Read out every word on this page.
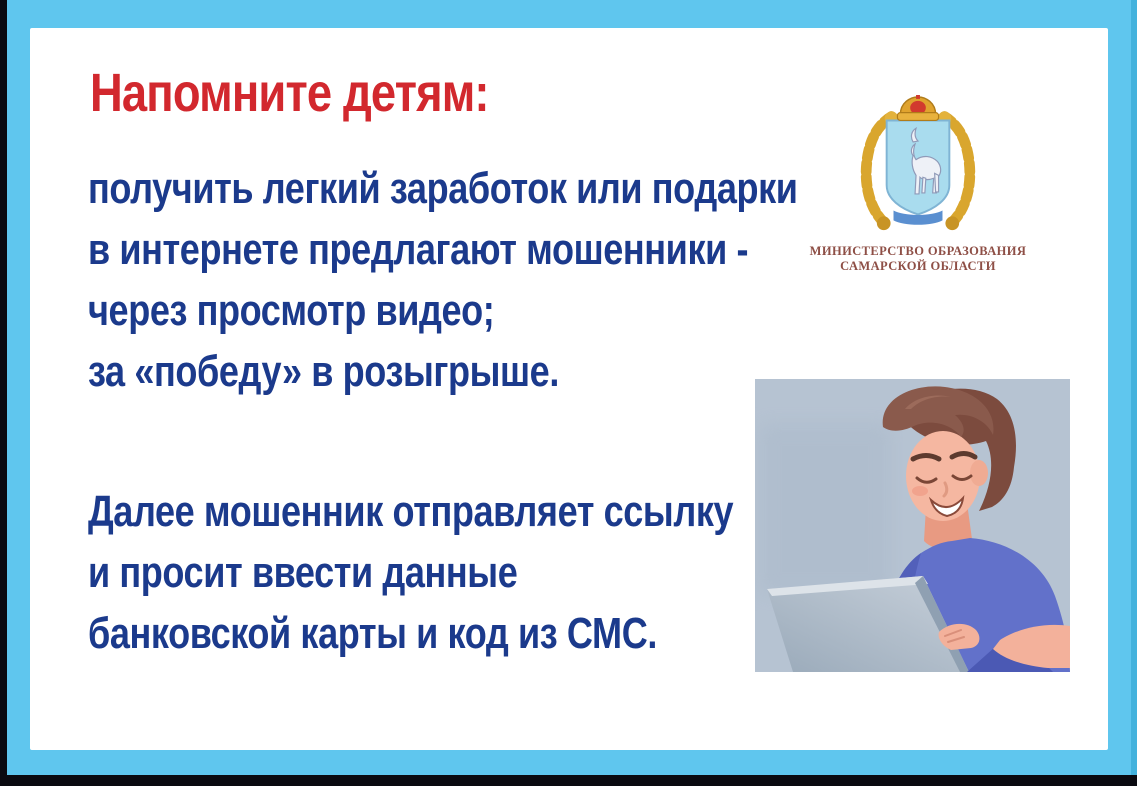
Напомните детям:
получить легкий заработок или подарки
в интернете предлагают мошенники -
через просмотр видео;
за «победу» в розыгрыше.
Далее мошенник отправляет ссылку
и просит ввести данные
банковской карты и код из СМС.
МИНИСТЕРСТВО ОБРАЗОВАНИЯ
САМАРСКОЙ ОБЛАСТИ
